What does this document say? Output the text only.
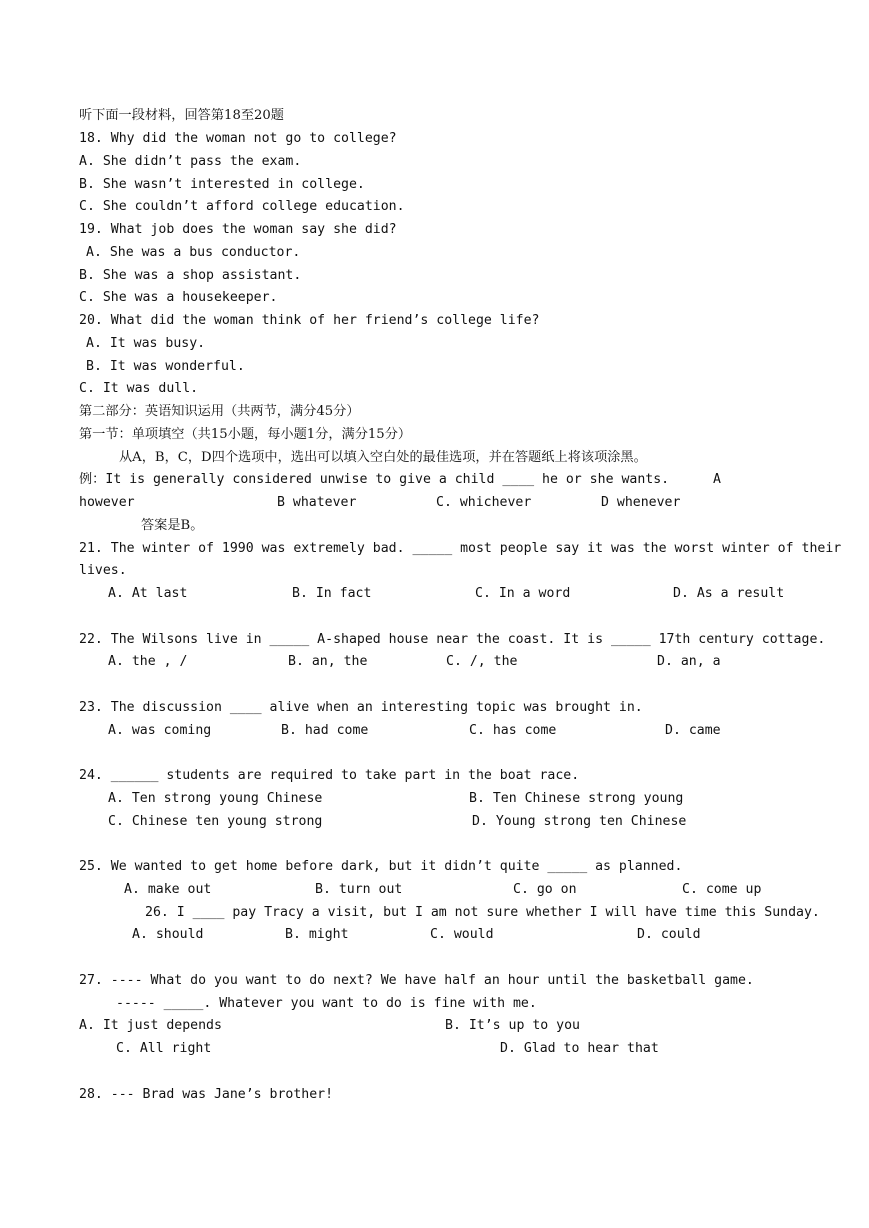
听下面一段材料，回答第18至20题
18. Why did the woman not go to college?
A. She didn’t pass the exam.
B. She wasn’t interested in college.
C. She couldn’t afford college education.
19. What job does the woman say she did?
A. She was a bus conductor.
B. She was a shop assistant.
C. She was a housekeeper.
20. What did the woman think of her friend’s college life?
A. It was busy.
B. It was wonderful.
C. It was dull.
第二部分：英语知识运用（共两节，满分45分）
第一节：单项填空（共15小题，每小题1分，满分15分）
从A，B，C，D四个选项中，选出可以填入空白处的最佳选项，并在答题纸上将该项涂黑。
例：It is generally considered unwise to give a child ____ he or she wants.	A
however	B whatever	C. whichever	D whenever
答案是B。
21. The winter of 1990 was extremely bad. _____ most people say it was the worst winter of their
lives.
A. At last	B. In fact	C. In a word	D. As a result
22. The Wilsons live in _____ A-shaped house near the coast. It is _____ 17th century cottage.
A. the , /	B. an, the	C. /, the	D. an, a
23. The discussion ____ alive when an interesting topic was brought in.
A. was coming	B. had come	C. has come	D. came
24. ______ students are required to take part in the boat race.
A. Ten strong young Chinese	B. Ten Chinese strong young
C. Chinese ten young strong	D. Young strong ten Chinese
25. We wanted to get home before dark, but it didn’t quite _____ as planned.
A. make out	B. turn out	C. go on	C. come up
26. I ____ pay Tracy a visit, but I am not sure whether I will have time this Sunday.
A. should	B. might	C. would	D. could
27. ---- What do you want to do next? We have half an hour until the basketball game.
----- _____. Whatever you want to do is fine with me.
A. It just depends	B. It’s up to you
C. All right	D. Glad to hear that
28. --- Brad was Jane’s brother!
